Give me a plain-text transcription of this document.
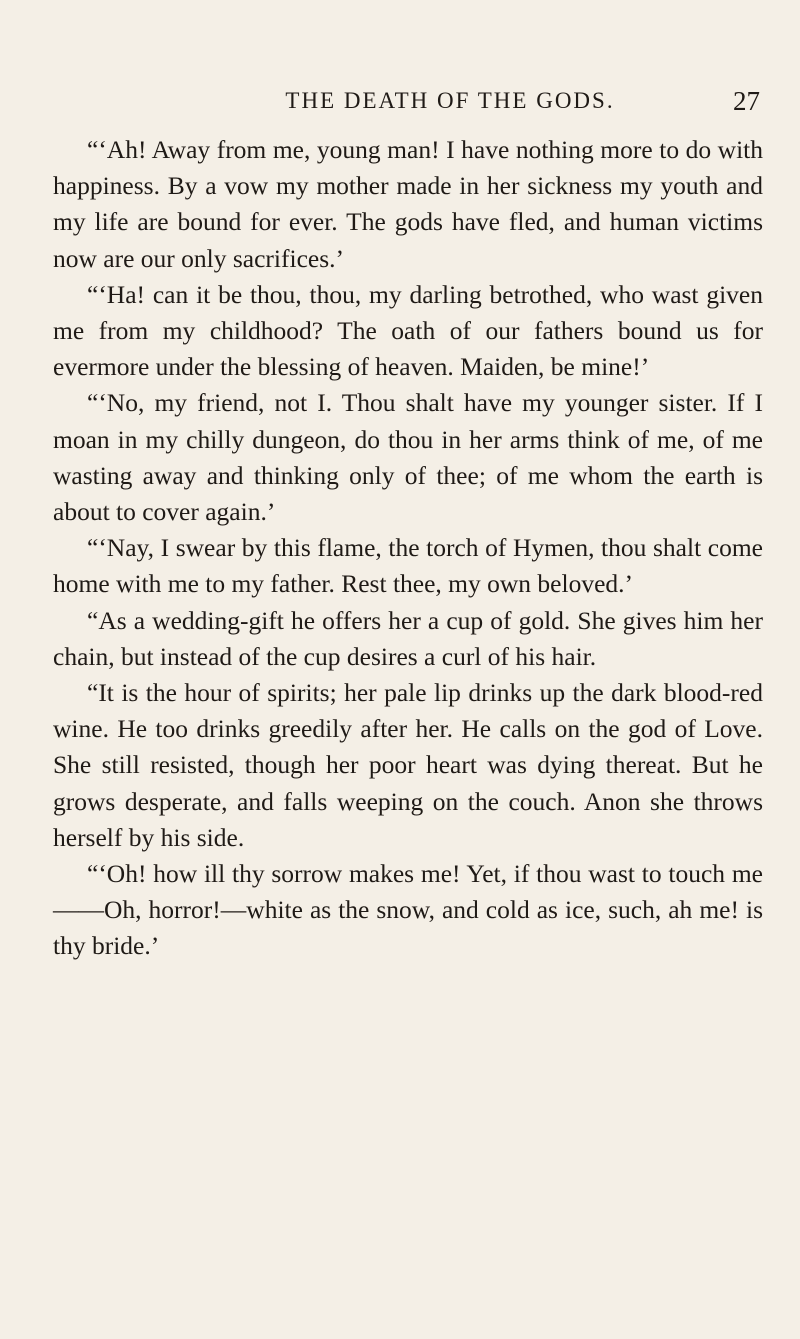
THE DEATH OF THE GODS.	27

“‘Ah! Away from me, young man! I have nothing more to do with happiness. By a vow my mother made in her sickness my youth and my life are bound for ever. The gods have fled, and human victims now are our only sacrifices.’

“‘Ha! can it be thou, thou, my darling betrothed, who wast given me from my childhood? The oath of our fathers bound us for evermore under the blessing of heaven. Maiden, be mine!’

“‘No, my friend, not I. Thou shalt have my younger sister. If I moan in my chilly dungeon, do thou in her arms think of me, of me wasting away and thinking only of thee; of me whom the earth is about to cover again.’

“‘Nay, I swear by this flame, the torch of Hymen, thou shalt come home with me to my father. Rest thee, my own beloved.’

“As a wedding-gift he offers her a cup of gold. She gives him her chain, but instead of the cup desires a curl of his hair.

“It is the hour of spirits; her pale lip drinks up the dark blood-red wine. He too drinks greedily after her. He calls on the god of Love. She still resisted, though her poor heart was dying thereat. But he grows desperate, and falls weeping on the couch. Anon she throws herself by his side.

“‘Oh! how ill thy sorrow makes me! Yet, if thou wast to touch me——Oh, horror!—white as the snow, and cold as ice, such, ah me! is thy bride.’
